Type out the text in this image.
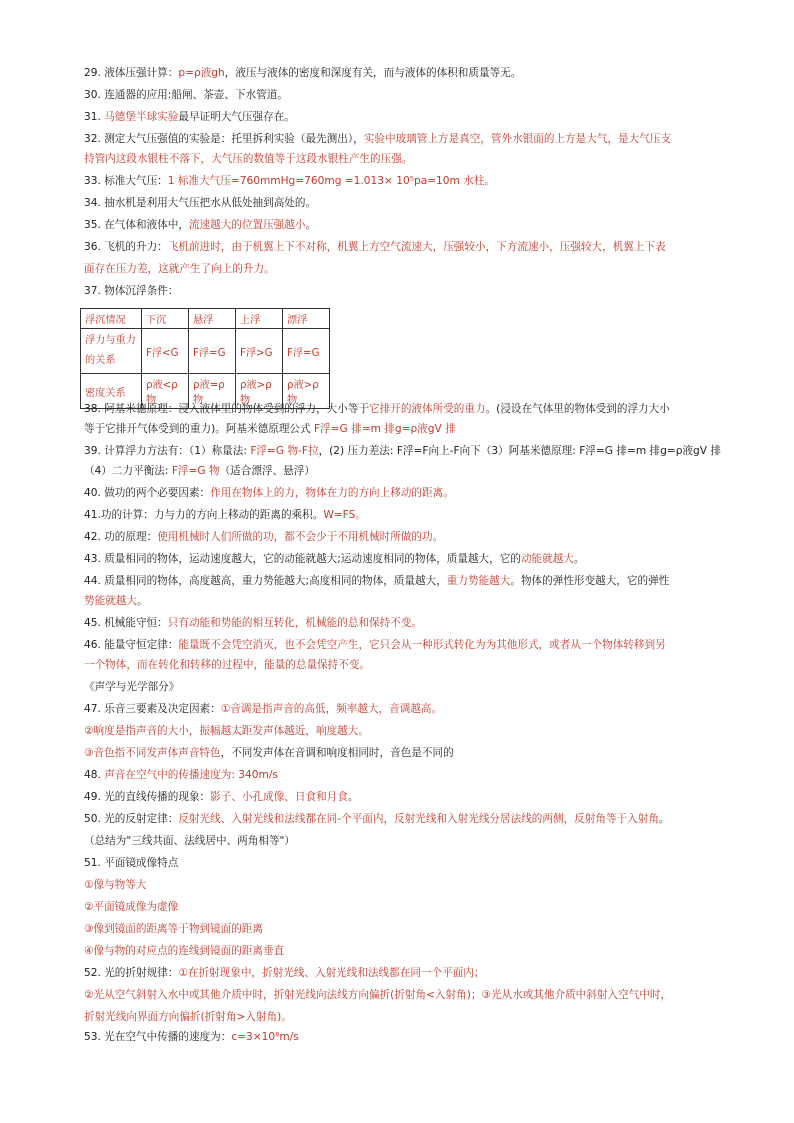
29. 液体压强计算：p=ρ液gh，液压与液体的密度和深度有关，而与液体的体积和质量等无。
30. 连通器的应用:船闸、茶壶、下水管道。
31. 马德堡半球实验最早证明大气压强存在。
32. 测定大气压强值的实验是：托里拆利实验（最先测出），实验中玻璃管上方是真空，管外水银面的上方是大气，是大气压支
持管内这段水银柱不落下，大气压的数值等于这段水银柱产生的压强。
33. 标准大气压：1 标准大气压=760mmHg=760mg =1.013× 10⁵pa=10m 水柱。
34. 抽水机是利用大气压把水从低处抽到高处的。
35. 在气体和液体中，流速越大的位置压强越小。
36. 飞机的升力：飞机前进时，由于机翼上下不对称，机翼上方空气流速大，压强较小，下方流速小，压强较大，机翼上下表
面存在压力差，这就产生了向上的升力。
37. 物体沉浮条件：
浮沉情况	下沉	悬浮	上浮	漂浮
浮力与重力的关系	F浮<G	F浮=G	F浮>G	F浮=G
密度关系	ρ液<ρ物	ρ液=ρ物	ρ液>ρ物	ρ液>ρ物
38. 阿基米德原理：浸入液体里的物体受到的浮力，大小等于它排开的液体所受的重力。(浸设在气体里的物体受到的浮力大小
等于它排开气体受到的重力)。阿基米德原理公式 F浮=G 排=m 排g=ρ液gV 排
39. 计算浮力方法有：（1）称量法: F浮=G 物-F拉，(2) 压力差法: F浮=F向上-F向下（3）阿基米德原理: F浮=G 排=m 排g=ρ液gV 排
（4）二力平衡法: F浮=G 物（适合漂浮、悬浮）
40. 做功的两个必要因素：作用在物体上的力，物体在力的方向上移动的距离。
41.功的计算：力与力的方向上移动的距离的乘积。W=FS。
42. 功的原理：使用机械时人们所做的功，都不会少于不用机械时所做的功。
43. 质量相同的物体，运动速度越大，它的动能就越大;运动速度相同的物体，质量越大，它的动能就越大。
44. 质量相同的物体，高度越高，重力势能越大;高度相同的物体，质量越大，重力势能越大。物体的弹性形变越大，它的弹性
势能就越大。
45. 机械能守恒：只有动能和势能的相互转化，机械能的总和保持不变。
46. 能量守恒定律：能量既不会凭空消灭，也不会凭空产生，它只会从一种形式转化为为其他形式，或者从一个物体转移到另
一个物体，而在转化和转移的过程中，能量的总量保持不变。
《声学与光学部分》
47. 乐音三要素及决定因素：①音调是指声音的高低，频率越大，音调越高。
②响度是指声音的大小，振幅越太距发声体越近，响度越大。
③音色指不同发声体声音特色，不同发声体在音调和响度相同时，音色是不同的
48. 声音在空气中的传播速度为: 340m/s
49. 光的直线传播的现象：影子、小孔成像、日食和月食。
50. 光的反射定律：反射光线、入射光线和法线都在同-个平面内，反射光线和入射光线分居法线的两侧，反射角等于入射角。
（总结为"三线共面、法线居中、两角相等"）
51. 平面镜成像特点
①像与物等大
②平面镜成像为虚像
③像到镜面的距离等于物到镜面的距离
④像与物的对应点的连线到镜面的距离垂直
52. 光的折射规律：①在折射现象中，折射光线、入射光线和法线都在同一个平面内；
②光从空气斜射入水中或其他介质中时，折射光线向法线方向偏折(折射角<入射角)；③光从水或其他介质中斜射入空气中时，
折射光线向界面方向偏折(折射角>入射角)。
53. 光在空气中传播的速度为：c=3×10⁸m/s
